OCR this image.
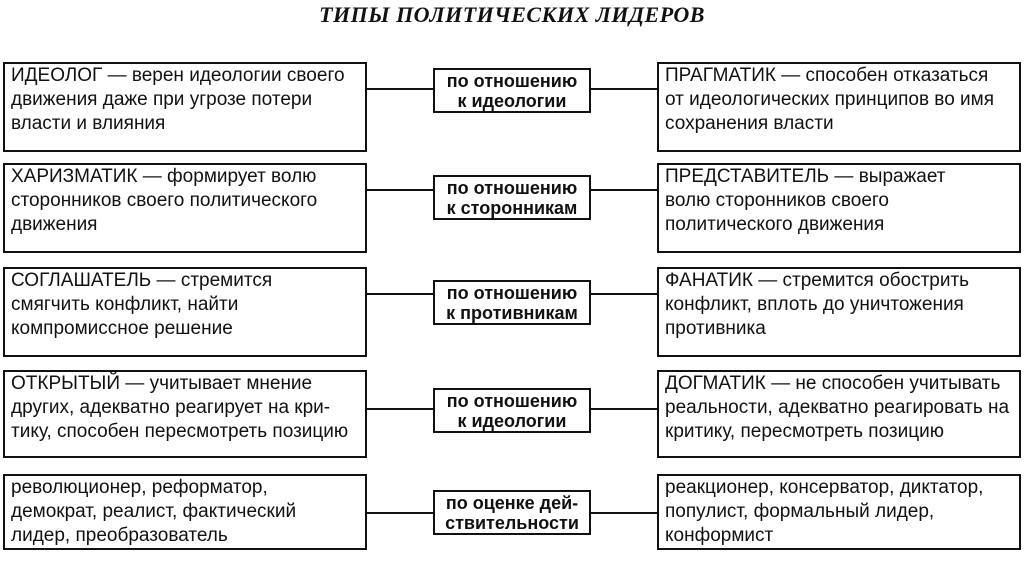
ТИПЫ ПОЛИТИЧЕСКИХ ЛИДЕРОВ
ИДЕОЛОГ — верен идеологии своего
движения даже при угрозе потери
власти и влияния
по отношению
к идеологии
ПРАГМАТИК — способен отказаться
от идеологических принципов во имя
сохранения власти
ХАРИЗМАТИК — формирует волю
сторонников своего политического
движения
по отношению
к сторонникам
ПРЕДСТАВИТЕЛЬ — выражает
волю сторонников своего
политического движения
СОГЛАШАТЕЛЬ — стремится
смягчить конфликт, найти
компромиссное решение
по отношению
к противникам
ФАНАТИК — стремится обострить
конфликт, вплоть до уничтожения
противника
ОТКРЫТЫЙ — учитывает мнение
других, адекватно реагирует на кри-
тику, способен пересмотреть позицию
по отношению
к идеологии
ДОГМАТИК — не способен учитывать
реальности, адекватно реагировать на
критику, пересмотреть позицию
революционер, реформатор,
демократ, реалист, фактический
лидер, преобразователь
по оценке дей-
ствительности
реакционер, консерватор, диктатор,
популист, формальный лидер,
конформист
